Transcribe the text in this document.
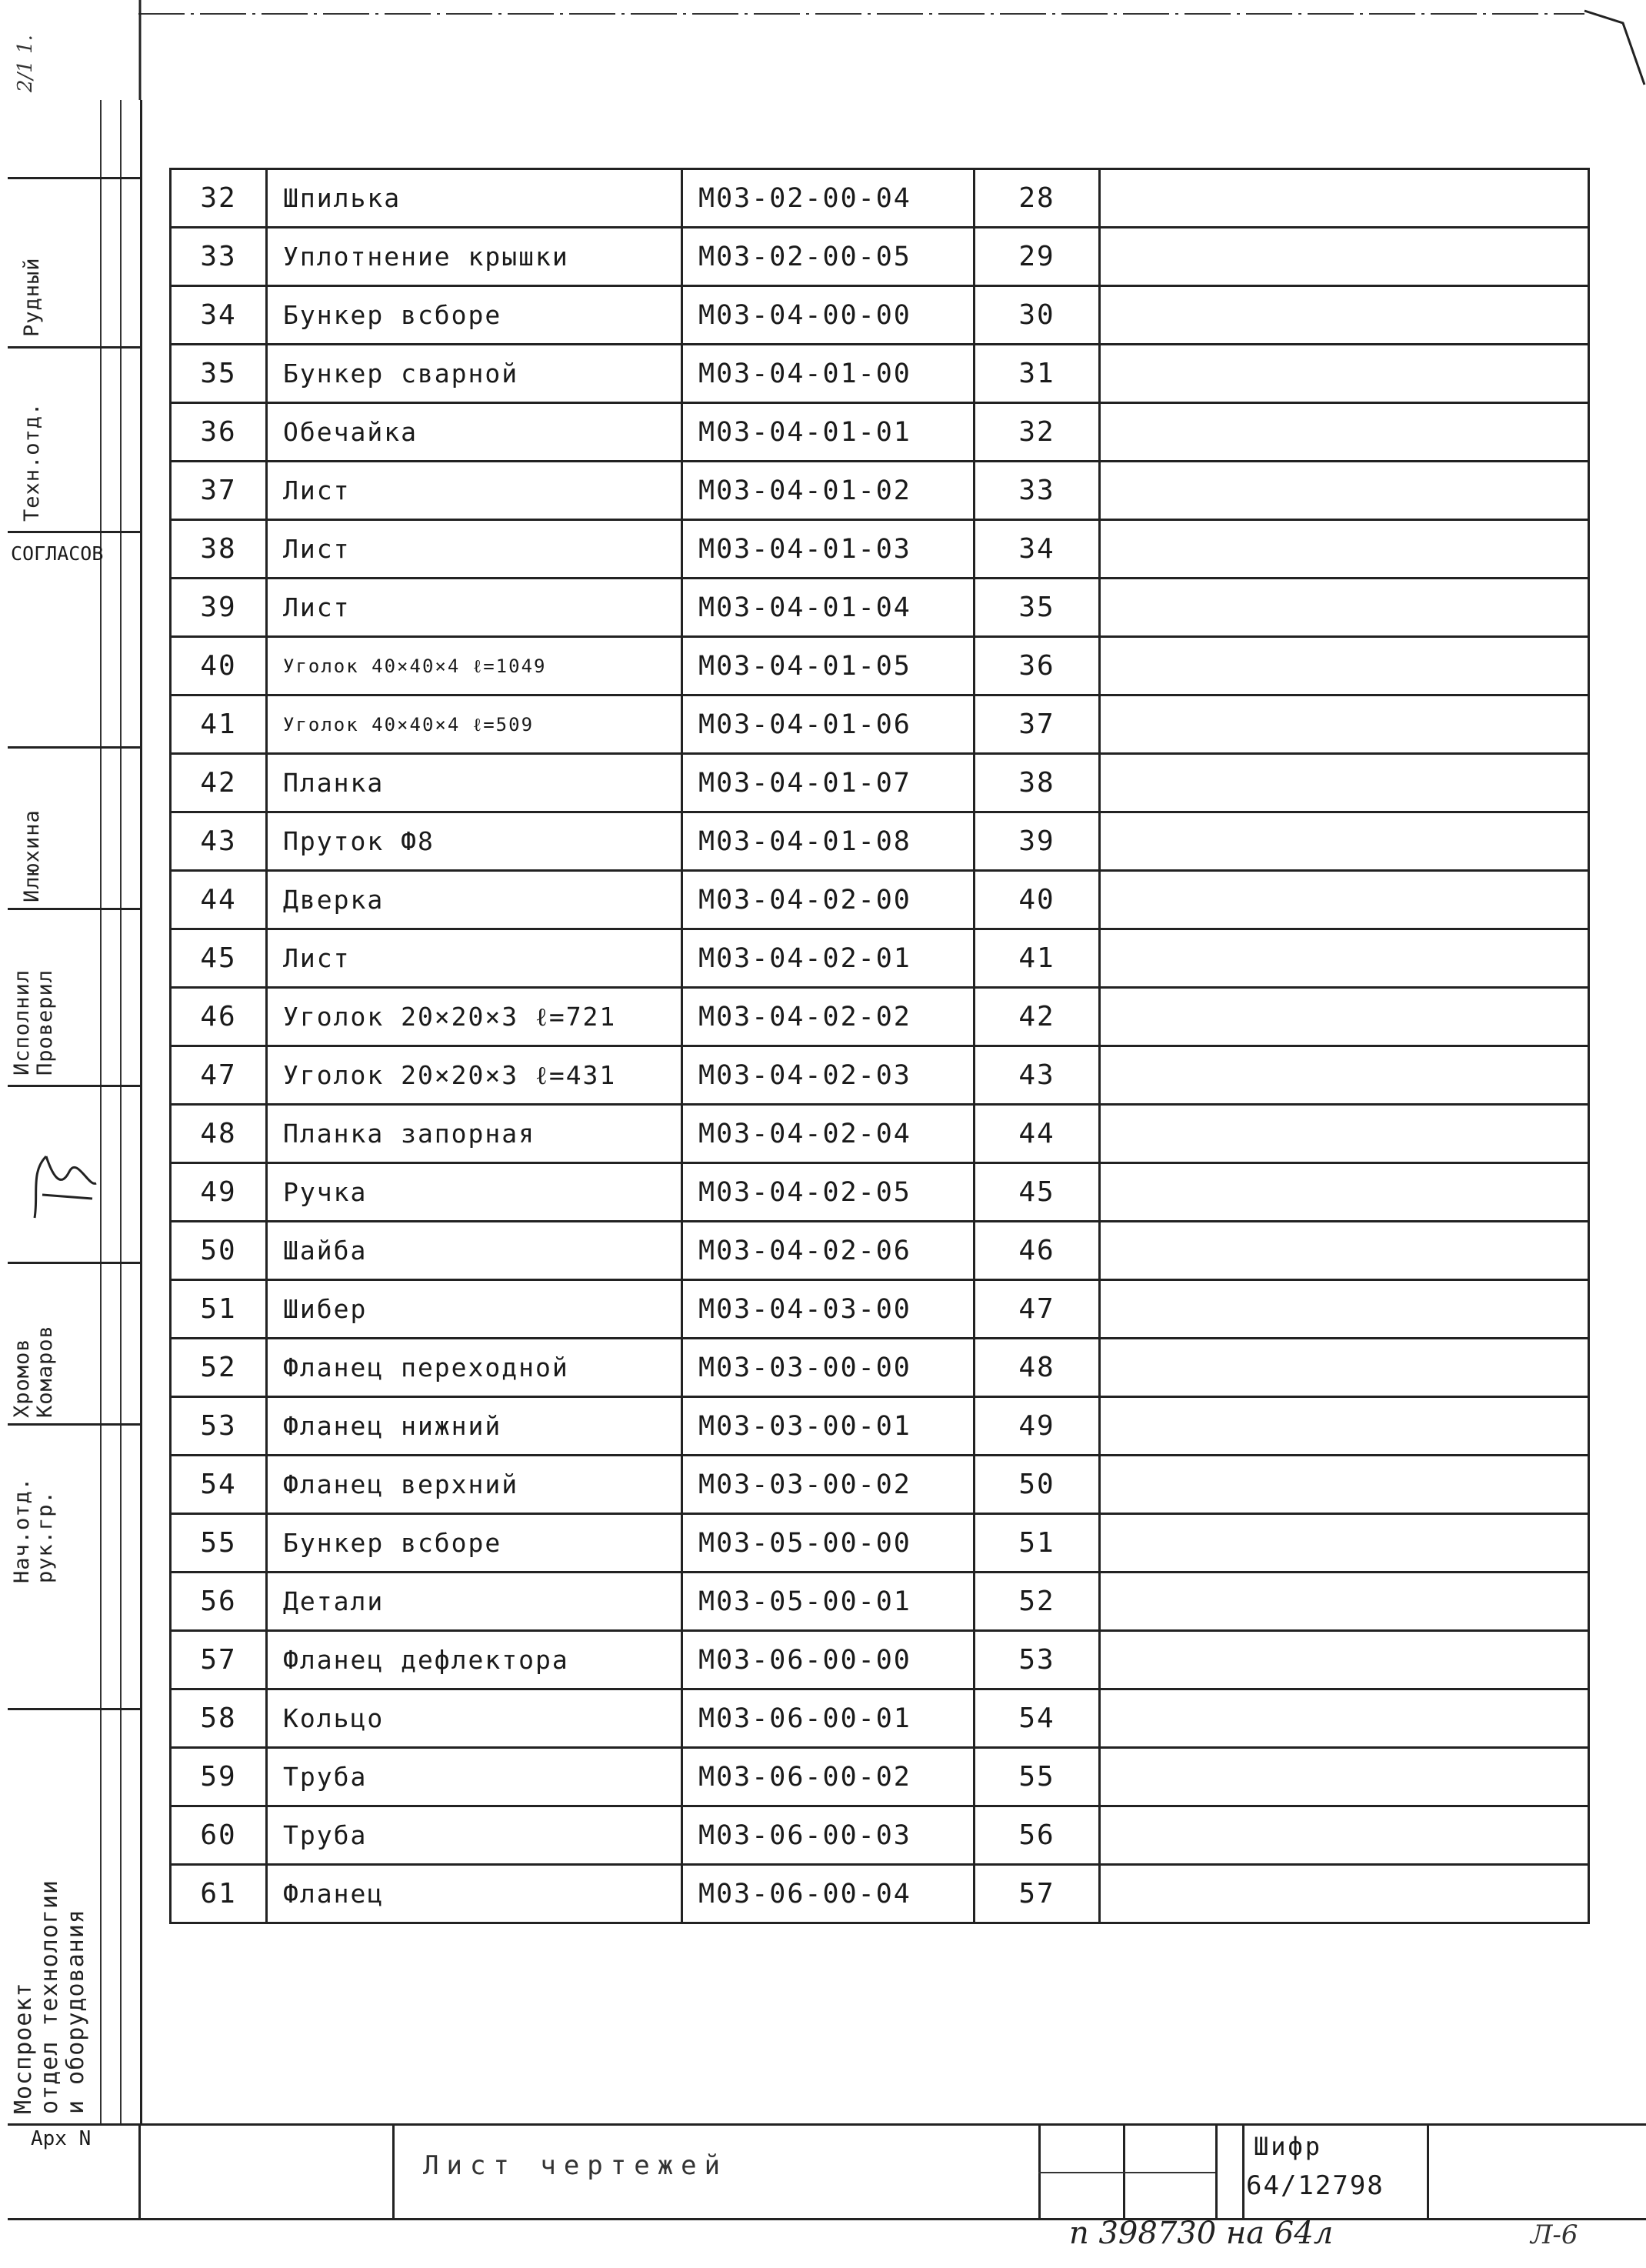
2/1 1.
Рудный
Техн.отд.
СОГЛАСОВ
Илюхина
Исполнил
Проверил
Хромов
Комаров
Нач.отд.
рук.гр.
Моспроект
отдел технологии
и оборудования
32	Шпилька	М03-02-00-04	28	
33	Уплотнение крышки	М03-02-00-05	29	
34	Бункер всборе	М03-04-00-00	30	
35	Бункер сварной	М03-04-01-00	31	
36	Обечайка	М03-04-01-01	32	
37	Лист	М03-04-01-02	33	
38	Лист	М03-04-01-03	34	
39	Лист	М03-04-01-04	35	
40	Уголок 40×40×4 ℓ=1049	М03-04-01-05	36	
41	Уголок 40×40×4 ℓ=509	М03-04-01-06	37	
42	Планка	М03-04-01-07	38	
43	Пруток Ф8	М03-04-01-08	39	
44	Дверка	М03-04-02-00	40	
45	Лист	М03-04-02-01	41	
46	Уголок 20×20×3 ℓ=721	М03-04-02-02	42	
47	Уголок 20×20×3 ℓ=431	М03-04-02-03	43	
48	Планка запорная	М03-04-02-04	44	
49	Ручка	М03-04-02-05	45	
50	Шайба	М03-04-02-06	46	
51	Шибер	М03-04-03-00	47	
52	Фланец переходной	М03-03-00-00	48	
53	Фланец нижний	М03-03-00-01	49	
54	Фланец верхний	М03-03-00-02	50	
55	Бункер всборе	М03-05-00-00	51	
56	Детали	М03-05-00-01	52	
57	Фланец дефлектора	М03-06-00-00	53	
58	Кольцо	М03-06-00-01	54	
59	Труба	М03-06-00-02	55	
60	Труба	М03-06-00-03	56	
61	Фланец	М03-06-00-04	57	
Арх N
Лист чертежей
Шифр
64/12798
n 398730 на 64л	Л-6
